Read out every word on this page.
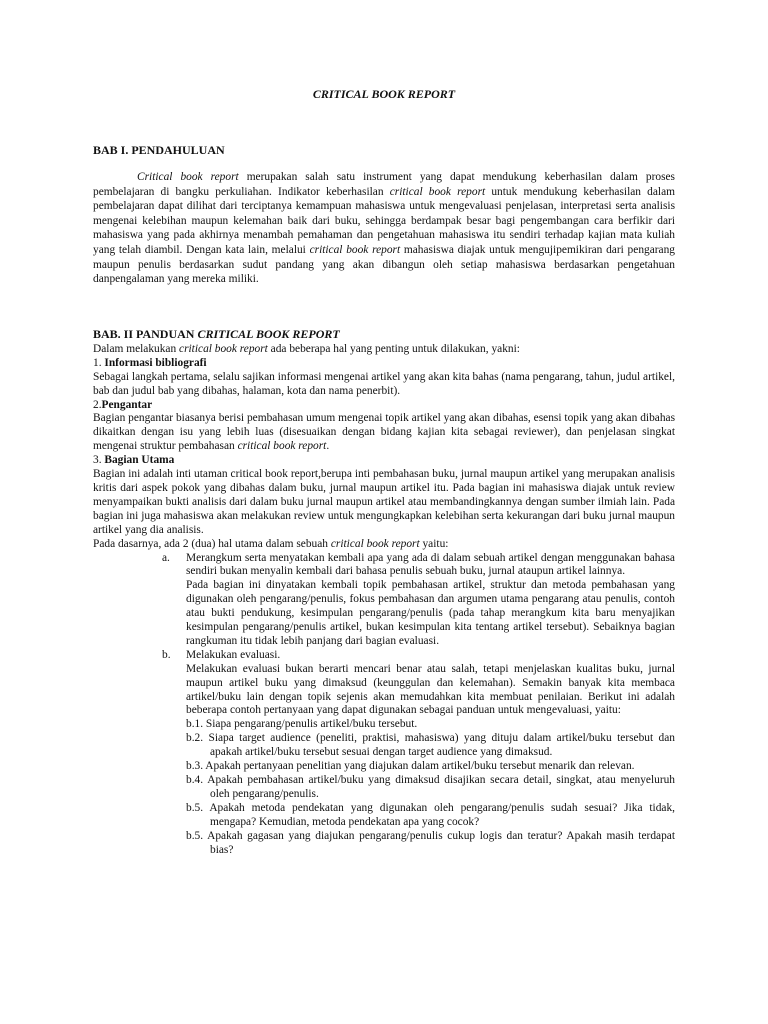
CRITICAL BOOK REPORT
BAB I. PENDAHULUAN

Critical book report merupakan salah satu instrument yang dapat mendukung keberhasilan dalam proses pembelajaran di bangku perkuliahan. Indikator keberhasilan critical book report untuk mendukung keberhasilan dalam pembelajaran dapat dilihat dari terciptanya kemampuan mahasiswa untuk mengevaluasi penjelasan, interpretasi serta analisis mengenai kelebihan maupun kelemahan baik dari buku, sehingga berdampak besar bagi pengembangan cara berfikir dari mahasiswa yang pada akhirnya menambah pemahaman dan pengetahuan mahasiswa itu sendiri terhadap kajian mata kuliah yang telah diambil. Dengan kata lain, melalui critical book report mahasiswa diajak untuk mengujipemikiran dari pengarang maupun penulis berdasarkan sudut pandang yang akan dibangun oleh setiap mahasiswa berdasarkan pengetahuan danpengalaman yang mereka miliki.

BAB. II PANDUAN CRITICAL BOOK REPORT

Dalam melakukan critical book report ada beberapa hal yang penting untuk dilakukan, yakni:

1. Informasi bibliografi

Sebagai langkah pertama, selalu sajikan informasi mengenai artikel yang akan kita bahas (nama pengarang, tahun, judul artikel, bab dan judul bab yang dibahas, halaman, kota dan nama penerbit).

2.Pengantar

Bagian pengantar biasanya berisi pembahasan umum mengenai topik artikel yang akan dibahas, esensi topik yang akan dibahas dikaitkan dengan isu yang lebih luas (disesuaikan dengan bidang kajian kita sebagai reviewer), dan penjelasan singkat mengenai struktur pembahasan critical book report.

3. Bagian Utama

Bagian ini adalah inti utaman critical book report,berupa inti pembahasan buku, jurnal maupun artikel yang merupakan analisis kritis dari aspek pokok yang dibahas dalam buku, jurnal maupun artikel itu. Pada bagian ini mahasiswa diajak untuk review menyampaikan bukti analisis dari dalam buku jurnal maupun artikel atau membandingkannya dengan sumber ilmiah lain. Pada bagian ini juga mahasiswa akan melakukan review untuk mengungkapkan kelebihan serta kekurangan dari buku jurnal maupun artikel yang dia analisis.

Pada dasarnya, ada 2 (dua) hal utama dalam sebuah critical book report yaitu:

a. Merangkum serta menyatakan kembali apa yang ada di dalam sebuah artikel dengan menggunakan bahasa sendiri bukan menyalin kembali dari bahasa penulis sebuah buku, jurnal ataupun artikel lainnya.

Pada bagian ini dinyatakan kembali topik pembahasan artikel, struktur dan metoda pembahasan yang digunakan oleh pengarang/penulis, fokus pembahasan dan argumen utama pengarang atau penulis, contoh atau bukti pendukung, kesimpulan pengarang/penulis (pada tahap merangkum kita baru menyajikan kesimpulan pengarang/penulis artikel, bukan kesimpulan kita tentang artikel tersebut). Sebaiknya bagian rangkuman itu tidak lebih panjang dari bagian evaluasi.

b. Melakukan evaluasi.

Melakukan evaluasi bukan berarti mencari benar atau salah, tetapi menjelaskan kualitas buku, jurnal maupun artikel buku yang dimaksud (keunggulan dan kelemahan). Semakin banyak kita membaca artikel/buku lain dengan topik sejenis akan memudahkan kita membuat penilaian. Berikut ini adalah beberapa contoh pertanyaan yang dapat digunakan sebagai panduan untuk mengevaluasi, yaitu:

b.1. Siapa pengarang/penulis artikel/buku tersebut.
b.2. Siapa target audience (peneliti, praktisi, mahasiswa) yang dituju dalam artikel/buku tersebut dan apakah artikel/buku tersebut sesuai dengan target audience yang dimaksud.
b.3. Apakah pertanyaan penelitian yang diajukan dalam artikel/buku tersebut menarik dan relevan.
b.4. Apakah pembahasan artikel/buku yang dimaksud disajikan secara detail, singkat, atau menyeluruh oleh pengarang/penulis.
b.5. Apakah metoda pendekatan yang digunakan oleh pengarang/penulis sudah sesuai? Jika tidak, mengapa? Kemudian, metoda pendekatan apa yang cocok?
b.5. Apakah gagasan yang diajukan pengarang/penulis cukup logis dan teratur? Apakah masih terdapat bias?
